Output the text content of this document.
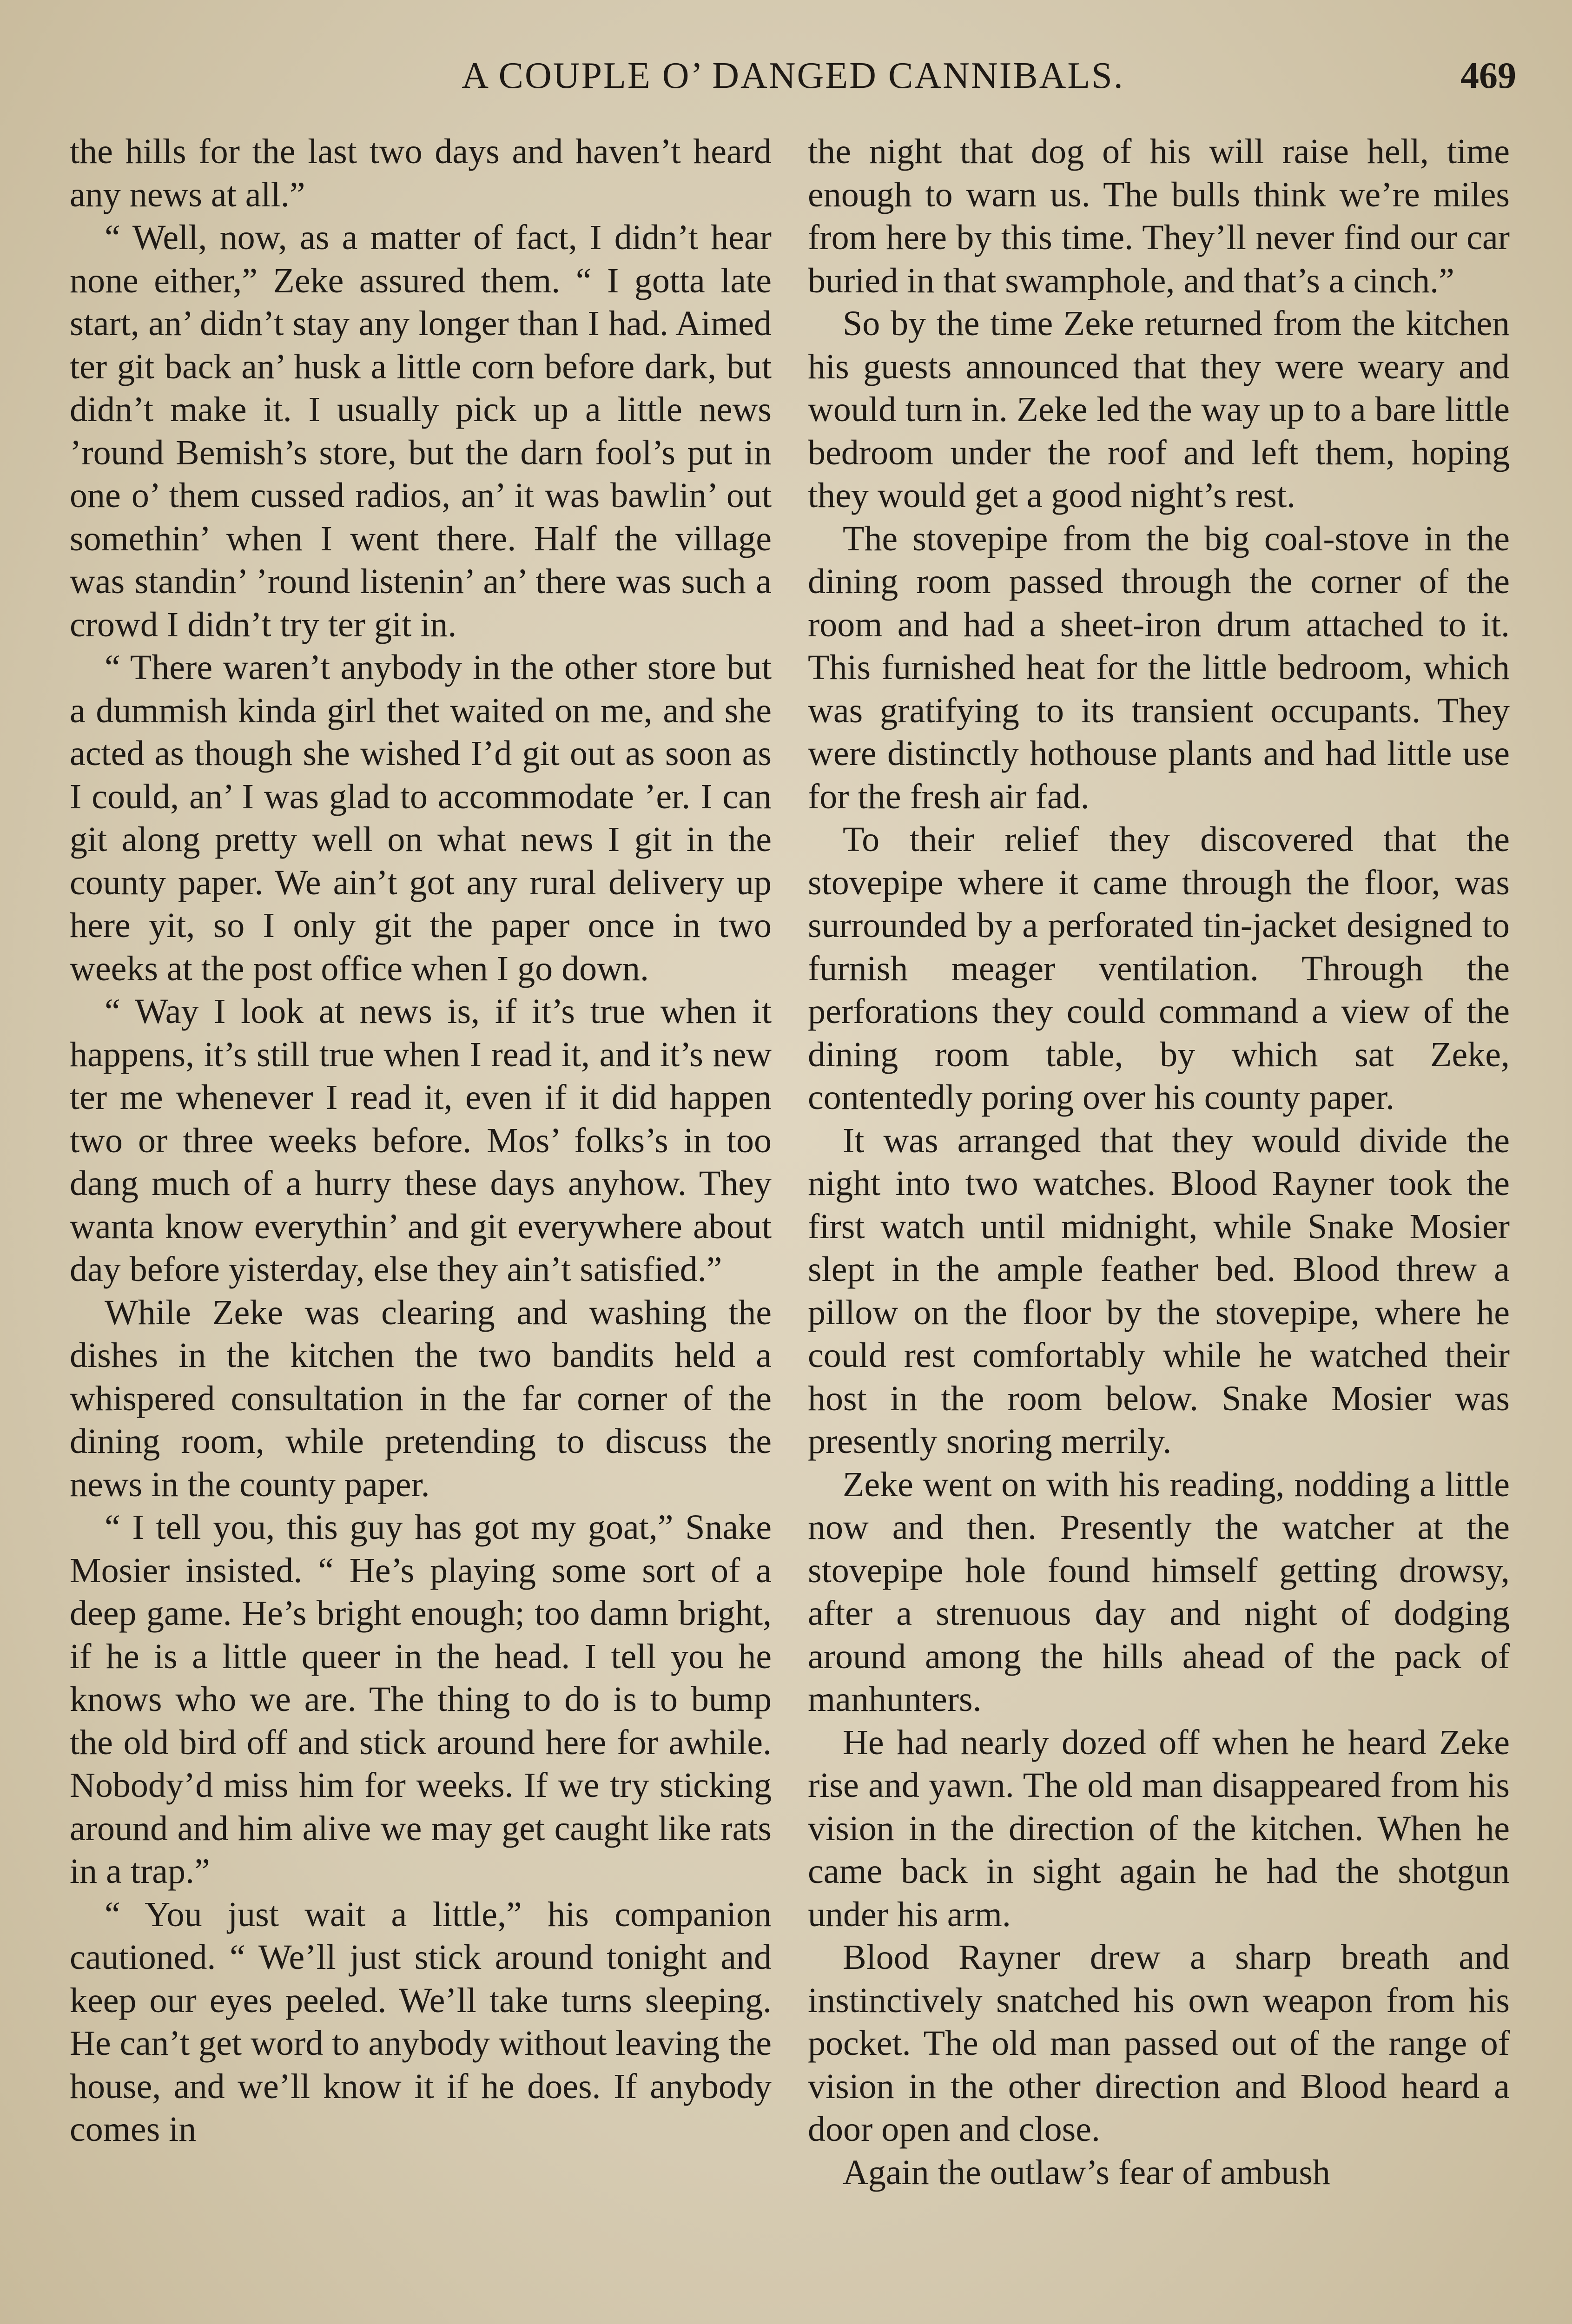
A COUPLE O’ DANGED CANNIBALS.	469

the hills for the last two days and haven’t heard any news at all.”

“ Well, now, as a matter of fact, I didn’t hear none either,” Zeke assured them. “ I gotta late start, an’ didn’t stay any longer than I had. Aimed ter git back an’ husk a little corn before dark, but didn’t make it. I usually pick up a little news ’round Bemish’s store, but the darn fool’s put in one o’ them cussed radios, an’ it was bawlin’ out somethin’ when I went there. Half the village was standin’ ’round listenin’ an’ there was such a crowd I didn’t try ter git in.

“ There waren’t anybody in the other store but a dummish kinda girl thet waited on me, and she acted as though she wished I’d git out as soon as I could, an’ I was glad to accommodate ’er. I can git along pretty well on what news I git in the county paper. We ain’t got any rural delivery up here yit, so I only git the paper once in two weeks at the post office when I go down.

“ Way I look at news is, if it’s true when it happens, it’s still true when I read it, and it’s new ter me whenever I read it, even if it did happen two or three weeks before. Mos’ folks’s in too dang much of a hurry these days anyhow. They wanta know everythin’ and git everywhere about day before yisterday, else they ain’t satisfied.”

While Zeke was clearing and washing the dishes in the kitchen the two bandits held a whispered consultation in the far corner of the dining room, while pretending to discuss the news in the county paper.

“ I tell you, this guy has got my goat,” Snake Mosier insisted. “ He’s playing some sort of a deep game. He’s bright enough; too damn bright, if he is a little queer in the head. I tell you he knows who we are. The thing to do is to bump the old bird off and stick around here for awhile. Nobody’d miss him for weeks. If we try sticking around and him alive we may get caught like rats in a trap.”

“ You just wait a little,” his companion cautioned. “ We’ll just stick around tonight and keep our eyes peeled. We’ll take turns sleeping. He can’t get word to anybody without leaving the house, and we’ll know it if he does. If anybody comes in

the night that dog of his will raise hell, time enough to warn us. The bulls think we’re miles from here by this time. They’ll never find our car buried in that swamphole, and that’s a cinch.”

So by the time Zeke returned from the kitchen his guests announced that they were weary and would turn in. Zeke led the way up to a bare little bedroom under the roof and left them, hoping they would get a good night’s rest.

The stovepipe from the big coal-stove in the dining room passed through the corner of the room and had a sheet-iron drum attached to it. This furnished heat for the little bedroom, which was gratifying to its transient occupants. They were distinctly hothouse plants and had little use for the fresh air fad.

To their relief they discovered that the stovepipe where it came through the floor, was surrounded by a perforated tin-jacket designed to furnish meager ventilation. Through the perforations they could command a view of the dining room table, by which sat Zeke, contentedly poring over his county paper.

It was arranged that they would divide the night into two watches. Blood Rayner took the first watch until midnight, while Snake Mosier slept in the ample feather bed. Blood threw a pillow on the floor by the stovepipe, where he could rest comfortably while he watched their host in the room below. Snake Mosier was presently snoring merrily.

Zeke went on with his reading, nodding a little now and then. Presently the watcher at the stovepipe hole found himself getting drowsy, after a strenuous day and night of dodging around among the hills ahead of the pack of manhunters.

He had nearly dozed off when he heard Zeke rise and yawn. The old man disappeared from his vision in the direction of the kitchen. When he came back in sight again he had the shotgun under his arm.

Blood Rayner drew a sharp breath and instinctively snatched his own weapon from his pocket. The old man passed out of the range of vision in the other direction and Blood heard a door open and close.

Again the outlaw’s fear of ambush
